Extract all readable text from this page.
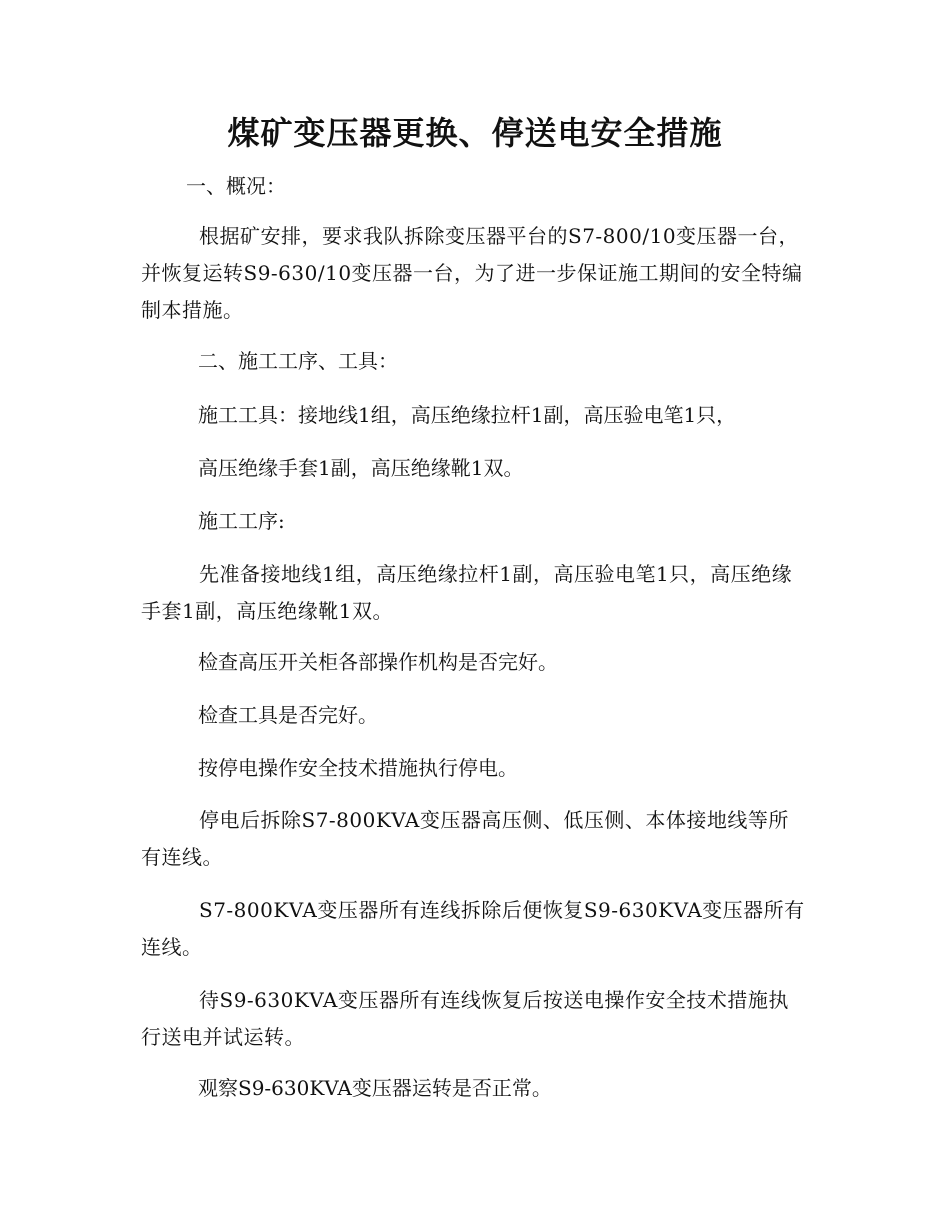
煤矿变压器更换、停送电安全措施
一、概况：
根据矿安排，要求我队拆除变压器平台的S7-800/10变压器一台，并恢复运转S9-630/10变压器一台，为了进一步保证施工期间的安全特编制本措施。
二、施工工序、工具：
施工工具：接地线1组，高压绝缘拉杆1副，高压验电笔1只，
高压绝缘手套1副，高压绝缘靴1双。
施工工序:
先准备接地线1组，高压绝缘拉杆1副，高压验电笔1只，高压绝缘手套1副，高压绝缘靴1双。
检查高压开关柜各部操作机构是否完好。
检查工具是否完好。
按停电操作安全技术措施执行停电。
停电后拆除S7-800KVA变压器高压侧、低压侧、本体接地线等所有连线。
S7-800KVA变压器所有连线拆除后便恢复S9-630KVA变压器所有连线。
待S9-630KVA变压器所有连线恢复后按送电操作安全技术措施执行送电并试运转。
观察S9-630KVA变压器运转是否正常。
